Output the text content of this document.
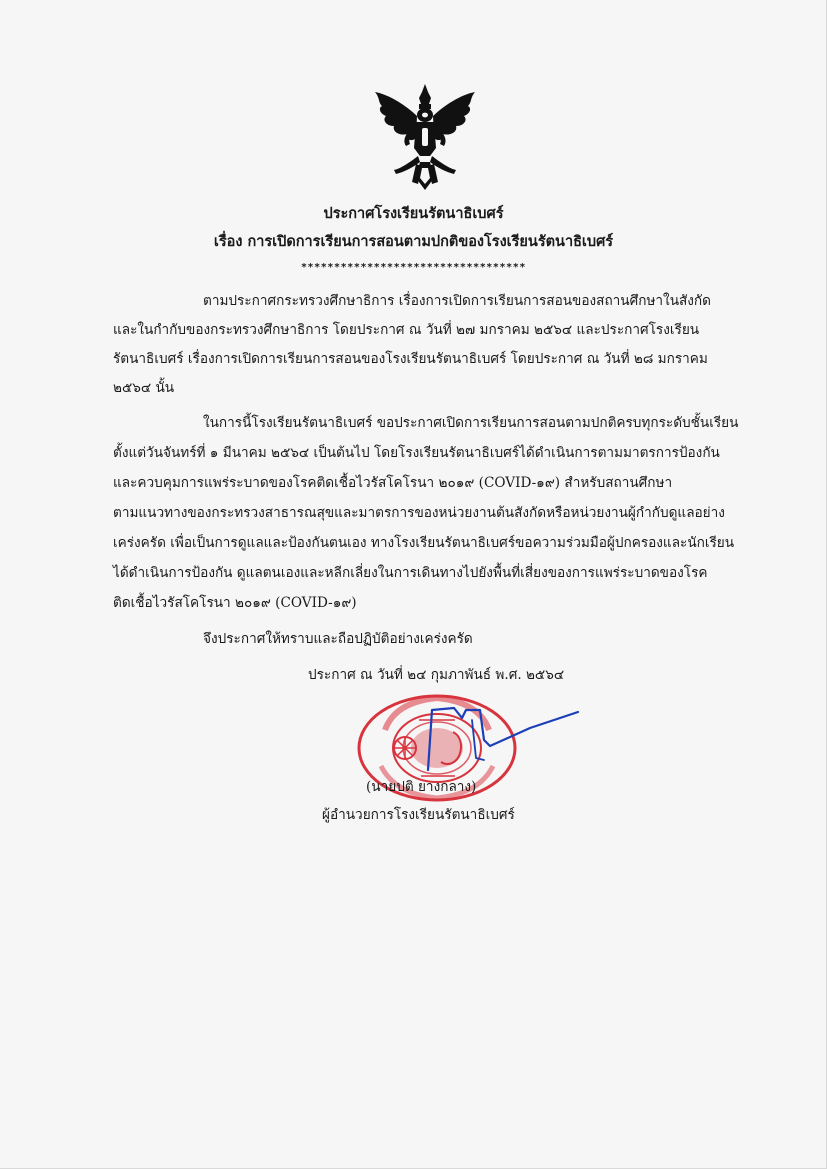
ประกาศโรงเรียนรัตนาธิเบศร์
เรื่อง การเปิดการเรียนการสอนตามปกติของโรงเรียนรัตนาธิเบศร์
**********************************
ตามประกาศกระทรวงศึกษาธิการ เรื่องการเปิดการเรียนการสอนของสถานศึกษาในสังกัด
และในกำกับของกระทรวงศึกษาธิการ โดยประกาศ ณ วันที่ ๒๗ มกราคม ๒๕๖๔ และประกาศโรงเรียน
รัตนาธิเบศร์ เรื่องการเปิดการเรียนการสอนของโรงเรียนรัตนาธิเบศร์ โดยประกาศ ณ วันที่ ๒๘ มกราคม
๒๕๖๔ นั้น
ในการนี้โรงเรียนรัตนาธิเบศร์ ขอประกาศเปิดการเรียนการสอนตามปกติครบทุกระดับชั้นเรียน
ตั้งแต่วันจันทร์ที่ ๑ มีนาคม ๒๕๖๔ เป็นต้นไป โดยโรงเรียนรัตนาธิเบศร์ได้ดำเนินการตามมาตรการป้องกัน
และควบคุมการแพร่ระบาดของโรคติดเชื้อไวรัสโคโรนา ๒๐๑๙ (COVID-๑๙) สำหรับสถานศึกษา
ตามแนวทางของกระทรวงสาธารณสุขและมาตรการของหน่วยงานต้นสังกัดหรือหน่วยงานผู้กำกับดูแลอย่าง
เคร่งครัด เพื่อเป็นการดูแลและป้องกันตนเอง ทางโรงเรียนรัตนาธิเบศร์ขอความร่วมมือผู้ปกครองและนักเรียน
ได้ดำเนินการป้องกัน ดูแลตนเองและหลีกเลี่ยงในการเดินทางไปยังพื้นที่เสี่ยงของการแพร่ระบาดของโรค
ติดเชื้อไวรัสโคโรนา ๒๐๑๙ (COVID-๑๙)
จึงประกาศให้ทราบและถือปฏิบัติอย่างเคร่งครัด
ประกาศ ณ วันที่ ๒๔ กุมภาพันธ์ พ.ศ. ๒๕๖๔
(นายปติ ยางกลาง)
ผู้อำนวยการโรงเรียนรัตนาธิเบศร์
